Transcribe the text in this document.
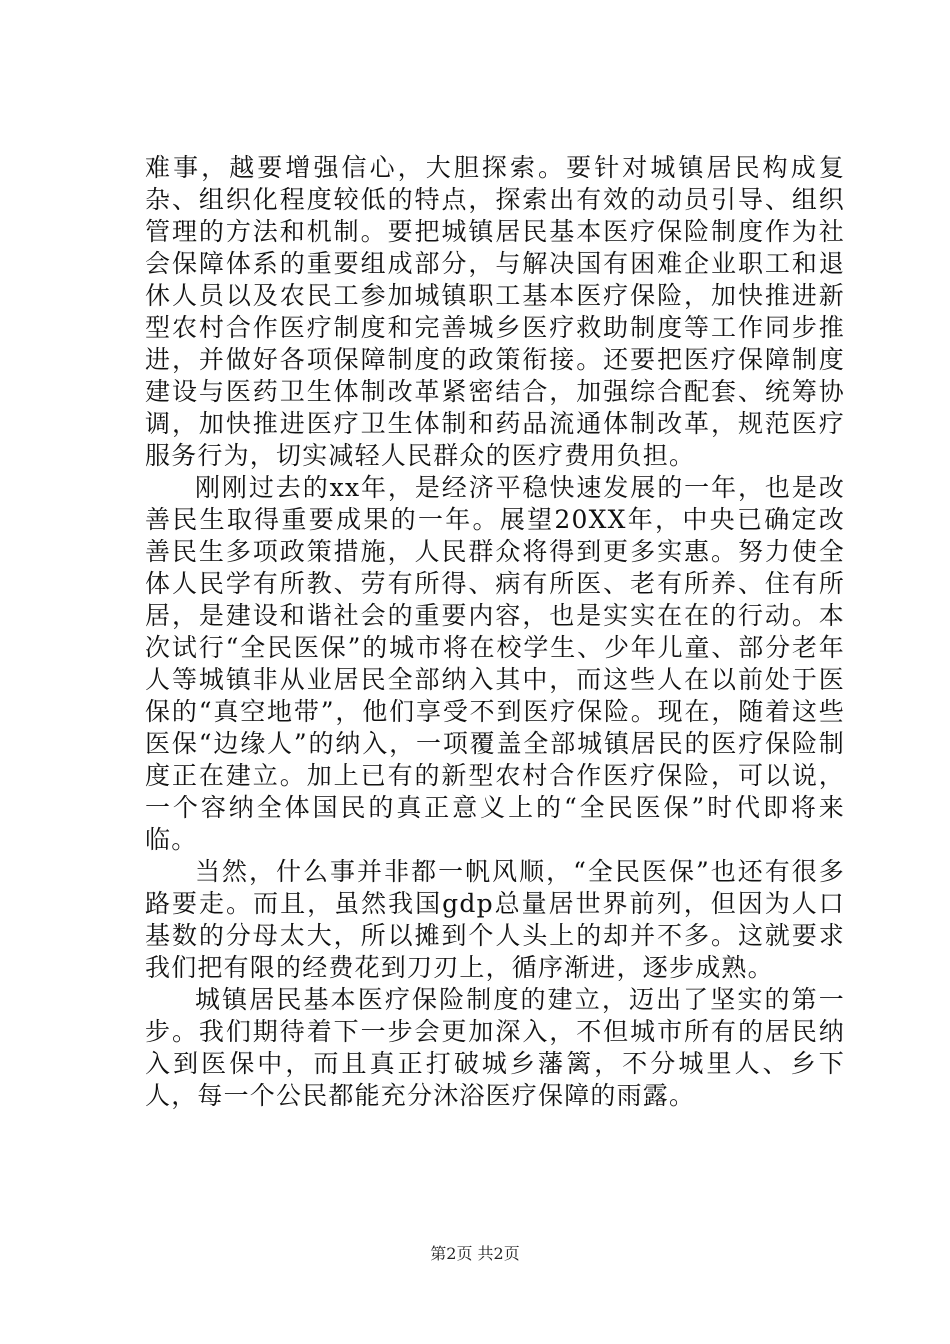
难事，越要增强信心，大胆探索。要针对城镇居民构成复杂、组织化程度较低的特点，探索出有效的动员引导、组织管理的方法和机制。要把城镇居民基本医疗保险制度作为社会保障体系的重要组成部分，与解决国有困难企业职工和退休人员以及农民工参加城镇职工基本医疗保险，加快推进新型农村合作医疗制度和完善城乡医疗救助制度等工作同步推进，并做好各项保障制度的政策衔接。还要把医疗保障制度建设与医药卫生体制改革紧密结合，加强综合配套、统筹协调，加快推进医疗卫生体制和药品流通体制改革，规范医疗服务行为，切实减轻人民群众的医疗费用负担。

刚刚过去的xx年，是经济平稳快速发展的一年，也是改善民生取得重要成果的一年。展望20XX年，中央已确定改善民生多项政策措施，人民群众将得到更多实惠。努力使全体人民学有所教、劳有所得、病有所医、老有所养、住有所居，是建设和谐社会的重要内容，也是实实在在的行动。本次试行“全民医保”的城市将在校学生、少年儿童、部分老年人等城镇非从业居民全部纳入其中，而这些人在以前处于医保的“真空地带”，他们享受不到医疗保险。现在，随着这些医保“边缘人”的纳入，一项覆盖全部城镇居民的医疗保险制度正在建立。加上已有的新型农村合作医疗保险，可以说，一个容纳全体国民的真正意义上的“全民医保”时代即将来临。

当然，什么事并非都一帆风顺，“全民医保”也还有很多路要走。而且，虽然我国gdp总量居世界前列，但因为人口基数的分母太大，所以摊到个人头上的却并不多。这就要求我们把有限的经费花到刀刃上，循序渐进，逐步成熟。

城镇居民基本医疗保险制度的建立，迈出了坚实的第一步。我们期待着下一步会更加深入，不但城市所有的居民纳入到医保中，而且真正打破城乡藩篱，不分城里人、乡下人，每一个公民都能充分沐浴医疗保障的雨露。

第2页 共2页
